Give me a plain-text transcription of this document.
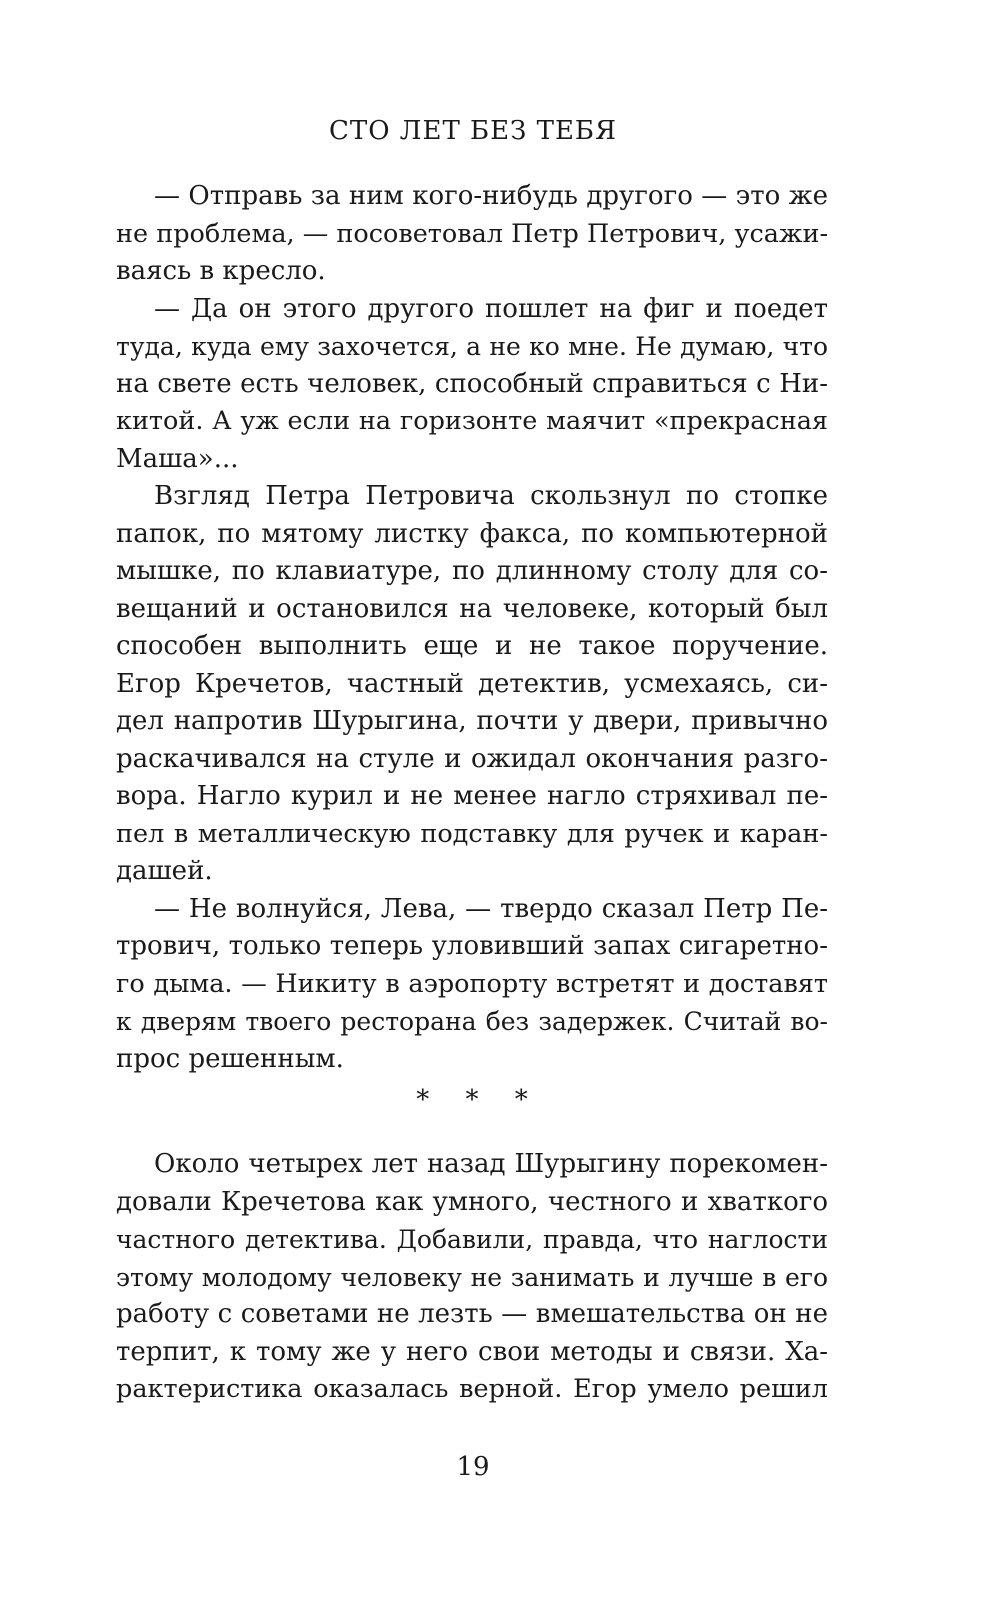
СТО ЛЕТ БЕЗ ТЕБЯ
— Отправь за ним кого-нибудь другого — это же
не проблема, — посоветовал Петр Петрович, усажи-
ваясь в кресло.
— Да он этого другого пошлет на фиг и поедет
туда, куда ему захочется, а не ко мне. Не думаю, что
на свете есть человек, способный справиться с Ни-
китой. А уж если на горизонте маячит «прекрасная
Маша»...
Взгляд Петра Петровича скользнул по стопке
папок, по мятому листку факса, по компьютерной
мышке, по клавиатуре, по длинному столу для со-
вещаний и остановился на человеке, который был
способен выполнить еще и не такое поручение.
Егор Кречетов, частный детектив, усмехаясь, си-
дел напротив Шурыгина, почти у двери, привычно
раскачивался на стуле и ожидал окончания разго-
вора. Нагло курил и не менее нагло стряхивал пе-
пел в металлическую подставку для ручек и каран-
дашей.
— Не волнуйся, Лева, — твердо сказал Петр Пе-
трович, только теперь уловивший запах сигаретно-
го дыма. — Никиту в аэропорту встретят и доставят
к дверям твоего ресторана без задержек. Считай во-
прос решенным.
* * *
Около четырех лет назад Шурыгину порекомен-
довали Кречетова как умного, честного и хваткого
частного детектива. Добавили, правда, что наглости
этому молодому человеку не занимать и лучше в его
работу с советами не лезть — вмешательства он не
терпит, к тому же у него свои методы и связи. Ха-
рактеристика оказалась верной. Егор умело решил
19
